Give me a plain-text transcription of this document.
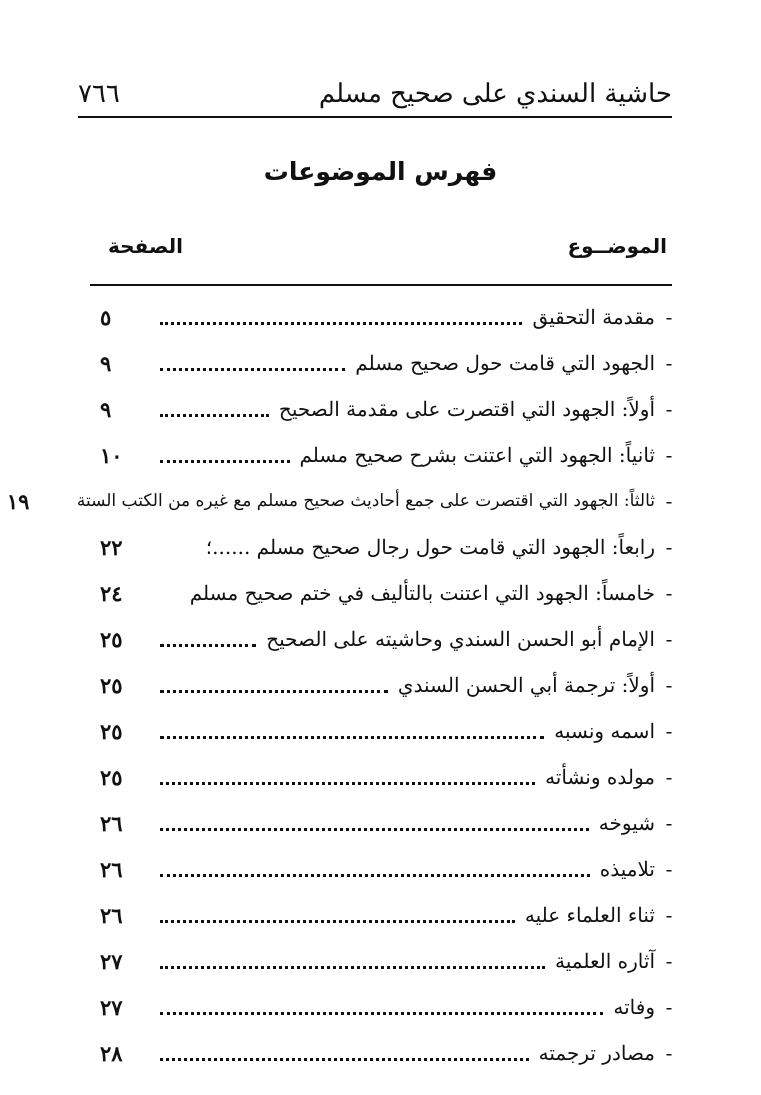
حاشية السندي على صحيح مسلم
٧٦٦
فهرس الموضوعات
الموضــوع
الصفحة
-
مقدمة التحقيق
٥
-
الجهود التي قامت حول صحيح مسلم
٩
-
أولاً: الجهود التي اقتصرت على مقدمة الصحيح
٩
-
ثانياً: الجهود التي اعتنت بشرح صحيح مسلم
١٠
-
ثالثاً: الجهود التي اقتصرت على جمع أحاديث صحيح مسلم مع غيره من الكتب الستة
١٩
-
رابعاً: الجهود التي قامت حول رجال صحيح مسلم ......؛
٢٢
-
خامساً: الجهود التي اعتنت بالتأليف في ختم صحيح مسلم
٢٤
-
الإمام أبو الحسن السندي وحاشيته على الصحيح
٢٥
-
أولاً: ترجمة أبي الحسن السندي
٢٥
-
اسمه ونسبه
٢٥
-
مولده ونشأته
٢٥
-
شيوخه
٢٦
-
تلاميذه
٢٦
-
ثناء العلماء عليه
٢٦
-
آثاره العلمية
٢٧
-
وفاته
٢٧
-
مصادر ترجمته
٢٨
